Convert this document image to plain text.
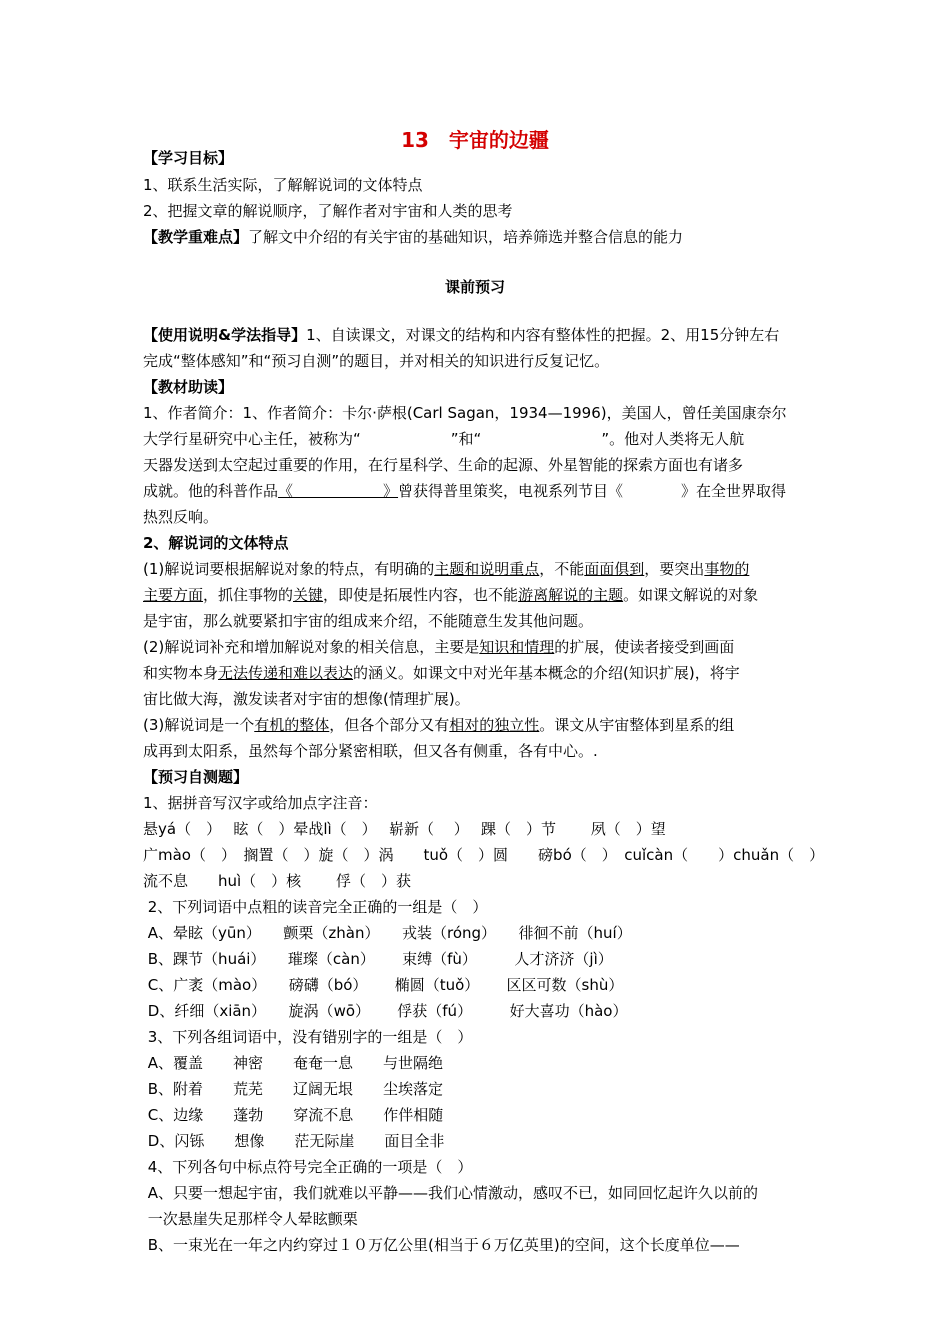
13　宇宙的边疆
课前预习
【学习目标】
1、联系生活实际，了解解说词的文体特点
2、把握文章的解说顺序，了解作者对宇宙和人类的思考
【教学重难点】了解文中介绍的有关宇宙的基础知识，培养筛选并整合信息的能力
【使用说明&学法指导】1、自读课文，对课文的结构和内容有整体性的把握。2、用15分钟左右
完成“整体感知”和“预习自测”的题目，并对相关的知识进行反复记忆。
【教材助读】
1、作者简介：1、作者简介：卡尔·萨根(Carl Sagan，1934—1996)，美国人，曾任美国康奈尔
大学行星研究中心主任，被称为“	”和“	”。他对人类将无人航
天器发送到太空起过重要的作用，在行星科学、生命的起源、外星智能的探索方面也有诸多
成就。他的科普作品《　　　　　　》曾获得普里策奖，电视系列节目《	》在全世界取得
热烈反响。
2、解说词的文体特点
(1)解说词要根据解说对象的特点，有明确的主题和说明重点，不能面面俱到，要突出事物的
主要方面，抓住事物的关键，即使是拓展性内容，也不能游离解说的主题。如课文解说的对象
是宇宙，那么就要紧扣宇宙的组成来介绍，不能随意生发其他问题。
(2)解说词补充和增加解说对象的相关信息，主要是知识和情理的扩展，使读者接受到画面
和实物本身无法传递和难以表达的涵义。如课文中对光年基本概念的介绍(知识扩展)，将宇
宙比做大海，激发读者对宇宙的想像(情理扩展)。
(3)解说词是一个有机的整体，但各个部分又有相对的独立性。课文从宇宙整体到星系的组
成再到太阳系，虽然每个部分紧密相联，但又各有侧重，各有中心。.
【预习自测题】
1、据拼音写汉字或给加点字注音：
悬yá（　）　 眩（　）晕战lì（　）　 崭新（　 ）　 踝（　）节　　 夙（　）望
广mào（　）　搁置（　）旋（　）涡　　tuǒ（　）圆　　磅bó（　）　cuǐcàn（　　）chuǎn（　）
流不息　　huì（　）核　　 俘（　）获
2、下列词语中点粗的读音完全正确的一组是（　）
A、晕眩（yūn）　　颤栗（zhàn）　　戎装（róng）　　徘徊不前（huí）
B、踝节（huái）　　璀璨（càn）　　 束缚（fù）　　　人才济济（jì）
C、广袤（mào）　　磅礴（bó）　　 椭圆（tuǒ）　　 区区可数（shù）
D、纤细（xiān）　　旋涡（wō）　　 俘获（fú）　　　好大喜功（hào）
3、下列各组词语中，没有错别字的一组是（　）
A、覆盖　　神密　　奄奄一息　　与世隔绝
B、附着　　荒芜　　辽阔无垠　　尘埃落定
C、边缘　　蓬勃　　穿流不息　　作伴相随
D、闪铄　　想像　　茫无际崖　　面目全非
4、下列各句中标点符号完全正确的一项是（　）
A、只要一想起宇宙，我们就难以平静——我们心情激动，感叹不已，如同回忆起许久以前的
一次悬崖失足那样令人晕眩颤栗
B、一束光在一年之内约穿过１０万亿公里(相当于６万亿英里)的空间，这个长度单位——
